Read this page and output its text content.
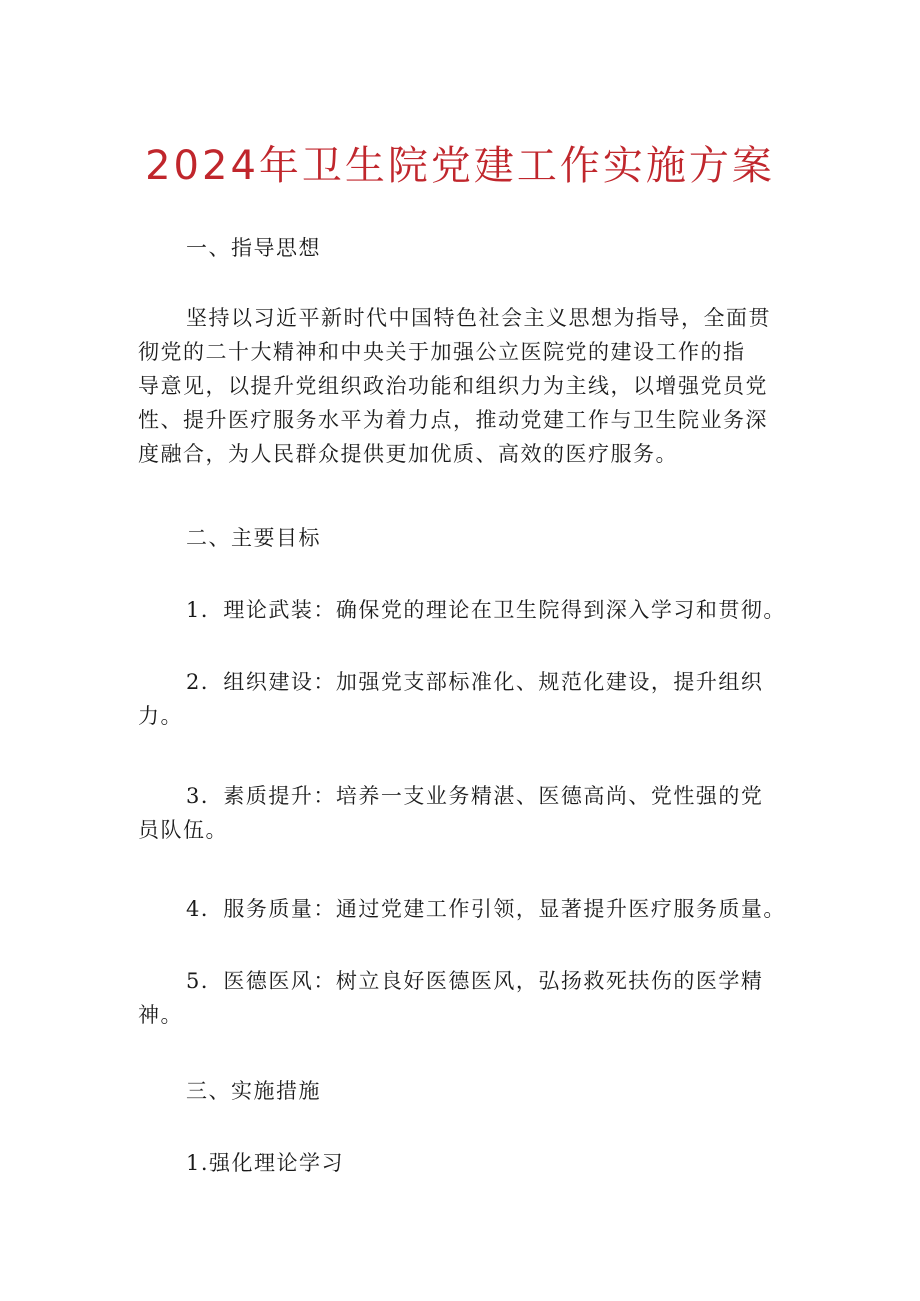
2024年卫生院党建工作实施方案
一、指导思想
坚持以习近平新时代中国特色社会主义思想为指导，全面贯
彻党的二十大精神和中央关于加强公立医院党的建设工作的指
导意见，以提升党组织政治功能和组织力为主线，以增强党员党
性、提升医疗服务水平为着力点，推动党建工作与卫生院业务深
度融合，为人民群众提供更加优质、高效的医疗服务。
二、主要目标
1．理论武装：确保党的理论在卫生院得到深入学习和贯彻。
2．组织建设：加强党支部标准化、规范化建设，提升组织
力。
3．素质提升：培养一支业务精湛、医德高尚、党性强的党
员队伍。
4．服务质量：通过党建工作引领，显著提升医疗服务质量。
5．医德医风：树立良好医德医风，弘扬救死扶伤的医学精
神。
三、实施措施
1.强化理论学习
